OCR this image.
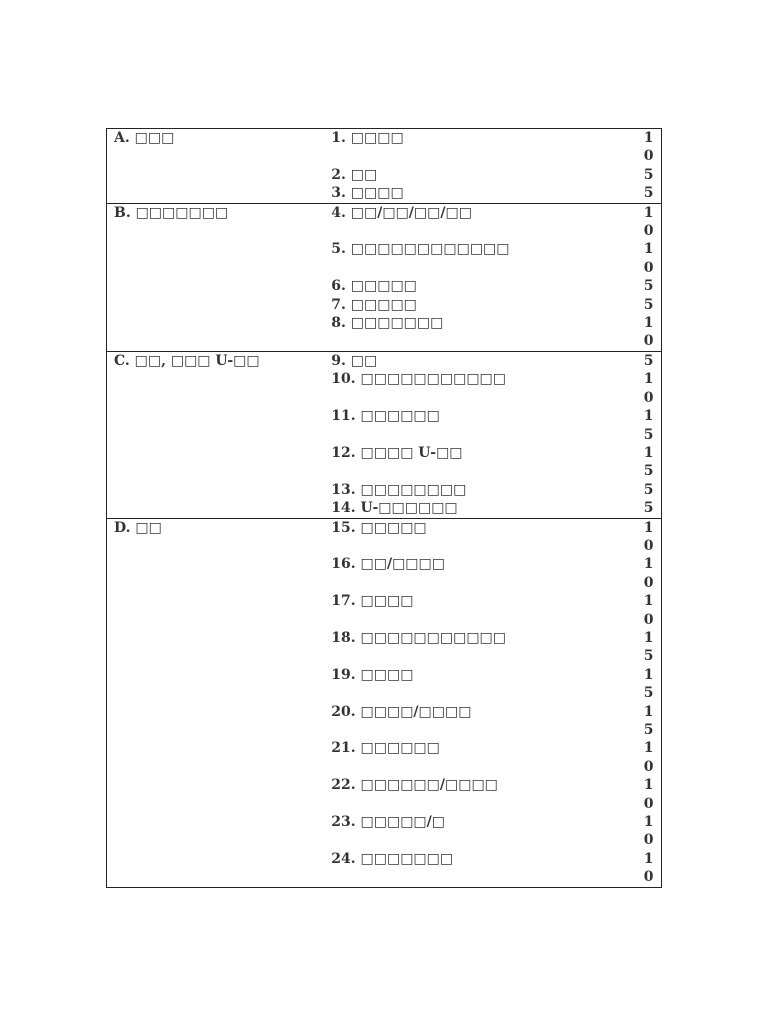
A. □□□	1. □□□□	10

	2. □□	5

	3. □□□□	5

B. □□□□□□□	4. □□/□□/□□/□□	10

	5. □□□□□□□□□□□□	10

	6. □□□□□	5

	7. □□□□□	5

	8. □□□□□□□	10

C. □□, □□□ U-□□	9. □□	5

	10. □□□□□□□□□□□	10

	11. □□□□□□	15

	12. □□□□ U-□□	15

	13. □□□□□□□□	5

	14. U-□□□□□□	5

D. □□	15. □□□□□	10

	16. □□/□□□□	10

	17. □□□□	10

	18. □□□□□□□□□□□	15

	19. □□□□	15

	20. □□□□/□□□□	15

	21. □□□□□□	10

	22. □□□□□□/□□□□	10

	23. □□□□□/□	10

	24. □□□□□□□	10
